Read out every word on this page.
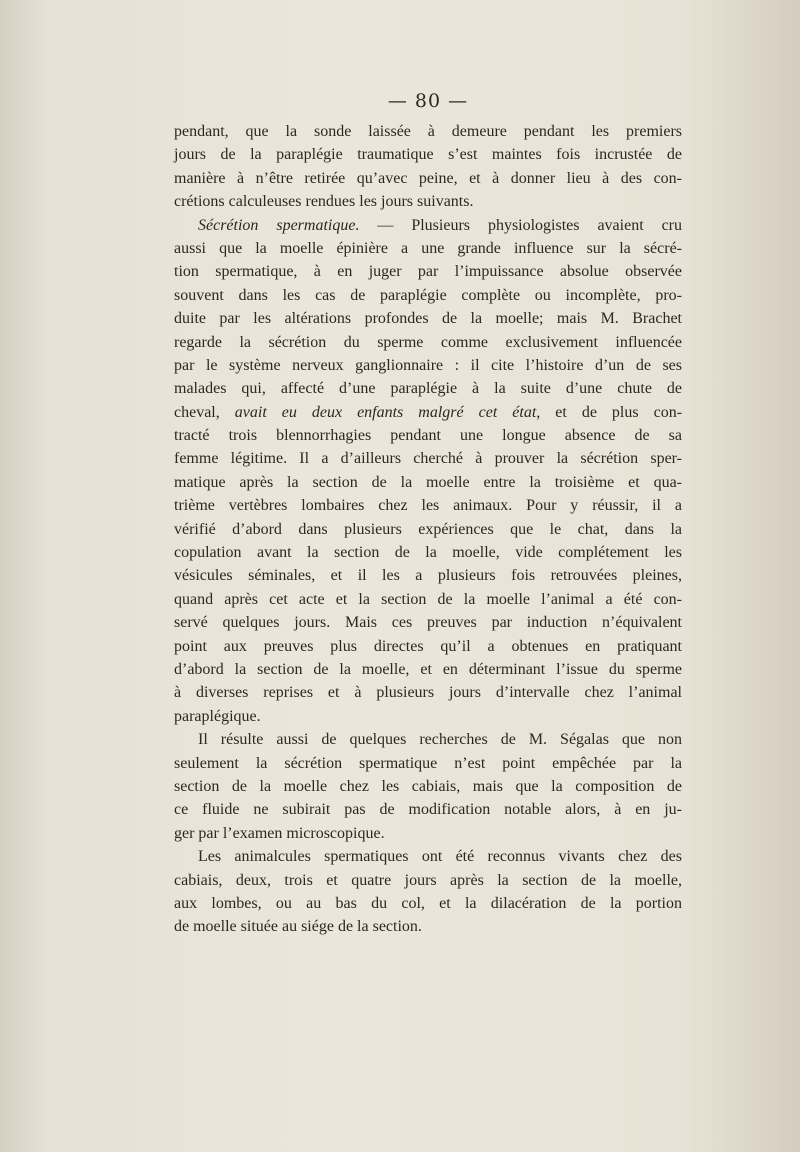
— 80 —
pendant, que la sonde laissée à demeure pendant les premiers
jours de la paraplégie traumatique s’est maintes fois incrustée de
manière à n’être retirée qu’avec peine, et à donner lieu à des con-
crétions calculeuses rendues les jours suivants.
Sécrétion spermatique. — Plusieurs physiologistes avaient cru
aussi que la moelle épinière a une grande influence sur la sécré-
tion spermatique, à en juger par l’impuissance absolue observée
souvent dans les cas de paraplégie complète ou incomplète, pro-
duite par les altérations profondes de la moelle; mais M. Brachet
regarde la sécrétion du sperme comme exclusivement influencée
par le système nerveux ganglionnaire : il cite l’histoire d’un de ses
malades qui, affecté d’une paraplégie à la suite d’une chute de
cheval, avait eu deux enfants malgré cet état, et de plus con-
tracté trois blennorrhagies pendant une longue absence de sa
femme légitime. Il a d’ailleurs cherché à prouver la sécrétion sper-
matique après la section de la moelle entre la troisième et qua-
trième vertèbres lombaires chez les animaux. Pour y réussir, il a
vérifié d’abord dans plusieurs expériences que le chat, dans la
copulation avant la section de la moelle, vide complétement les
vésicules séminales, et il les a plusieurs fois retrouvées pleines,
quand après cet acte et la section de la moelle l’animal a été con-
servé quelques jours. Mais ces preuves par induction n’équivalent
point aux preuves plus directes qu’il a obtenues en pratiquant
d’abord la section de la moelle, et en déterminant l’issue du sperme
à diverses reprises et à plusieurs jours d’intervalle chez l’animal
paraplégique.
Il résulte aussi de quelques recherches de M. Ségalas que non
seulement la sécrétion spermatique n’est point empêchée par la
section de la moelle chez les cabiais, mais que la composition de
ce fluide ne subirait pas de modification notable alors, à en ju-
ger par l’examen microscopique.
Les animalcules spermatiques ont été reconnus vivants chez des
cabiais, deux, trois et quatre jours après la section de la moelle,
aux lombes, ou au bas du col, et la dilacération de la portion
de moelle située au siége de la section.
